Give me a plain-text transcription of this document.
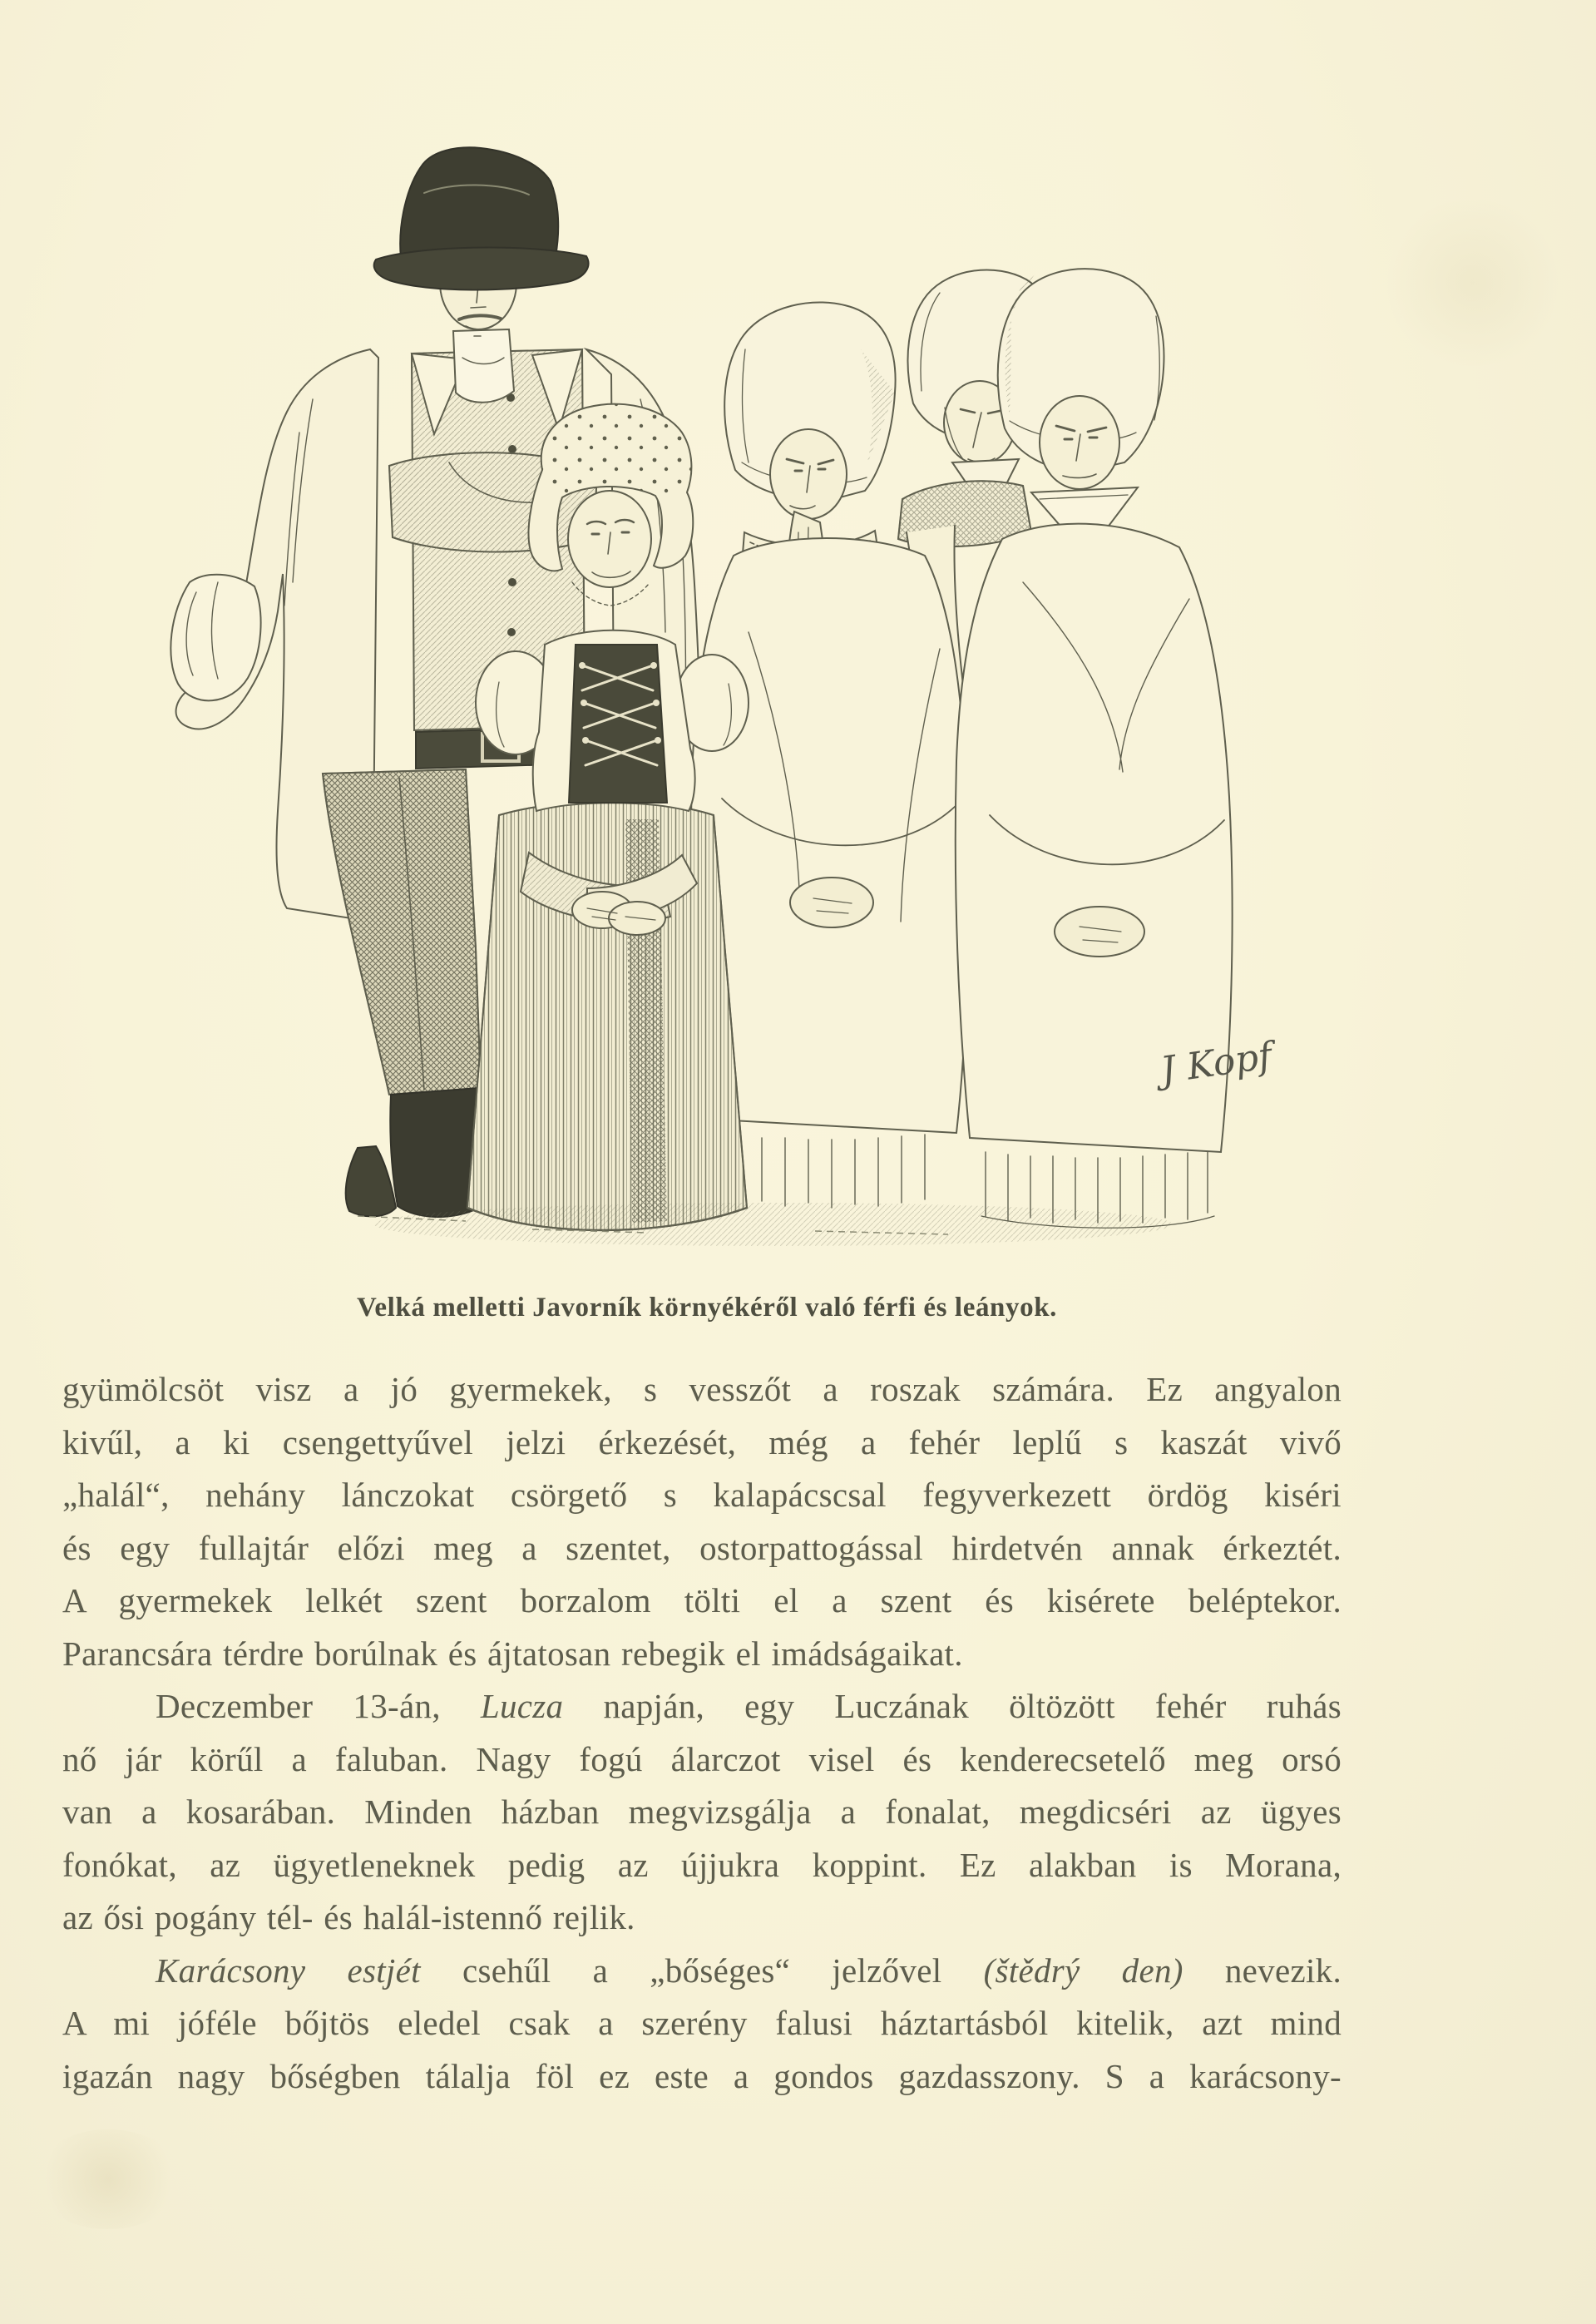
J Kopf
Velká melletti Javorník környékéről való férfi és leányok.
gyümölcsöt visz a jó gyermekek, s vesszőt a roszak számára. Ez angyalon
kivűl, a ki csengettyűvel jelzi érkezését, még a fehér leplű s kaszát vivő
„halál“, nehány lánczokat csörgető s kalapácscsal fegyverkezett ördög kiséri
és egy fullajtár előzi meg a szentet, ostorpattogással hirdetvén annak érkeztét.
A gyermekek lelkét szent borzalom tölti el a szent és kisérete beléptekor.
Parancsára térdre borúlnak és ájtatosan rebegik el imádságaikat.
Deczember 13-án, Lucza napján, egy Luczának öltözött fehér ruhás
nő jár körűl a faluban. Nagy fogú álarczot visel és kenderecsetelő meg orsó
van a kosarában. Minden házban megvizsgálja a fonalat, megdicséri az ügyes
fonókat, az ügyetleneknek pedig az újjukra koppint. Ez alakban is Morana,
az ősi pogány tél- és halál-istennő rejlik.
Karácsony estjét csehűl a „bőséges“ jelzővel (štědrý den) nevezik.
A mi jóféle bőjtös eledel csak a szerény falusi háztartásból kitelik, azt mind
igazán nagy bőségben tálalja föl ez este a gondos gazdasszony. S a karácsony-
